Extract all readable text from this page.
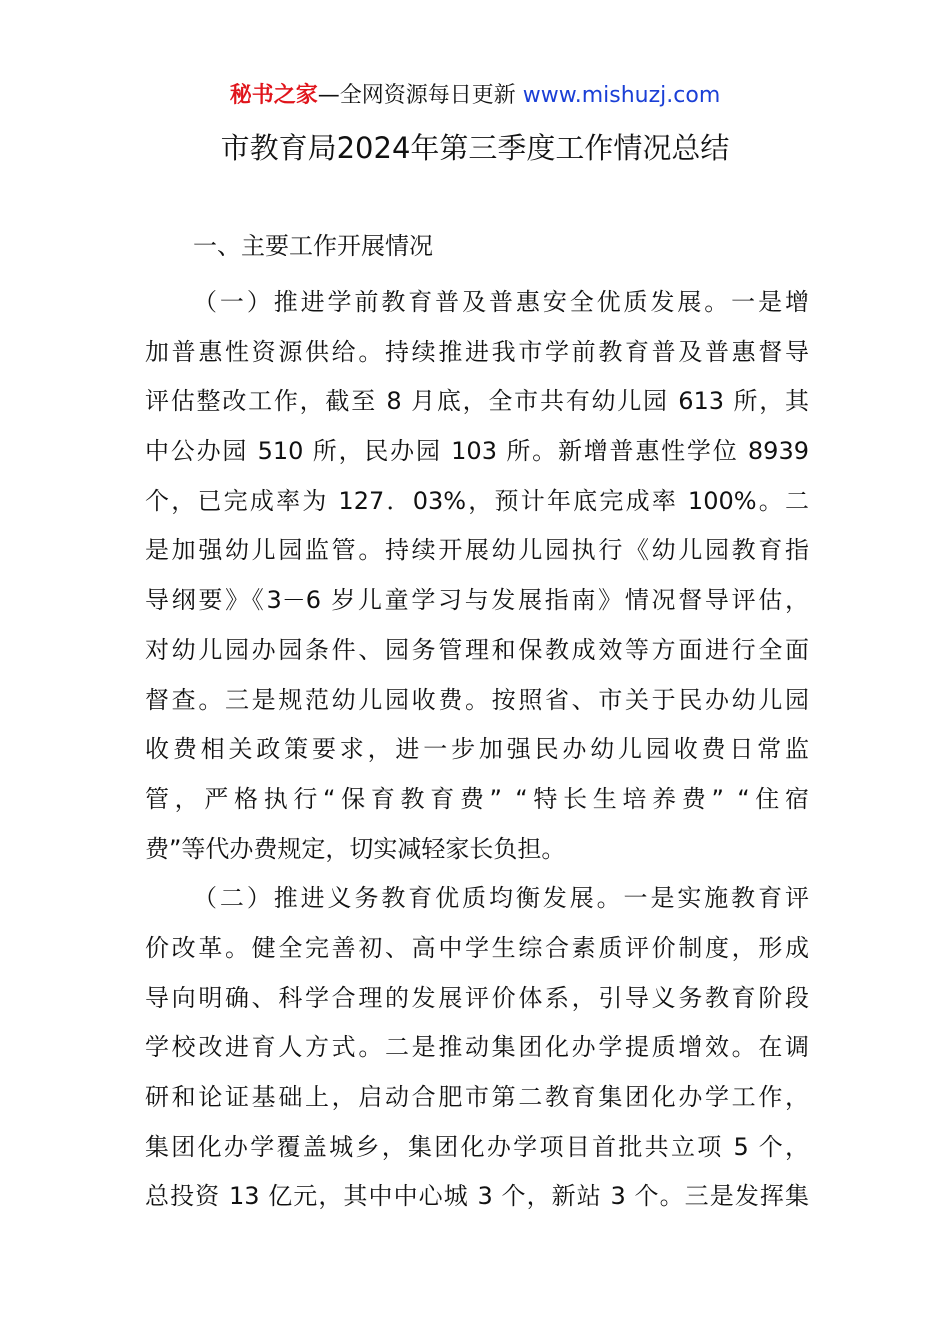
秘书之家—全网资源每日更新 www.mishuzj.com
市教育局2024年第三季度工作情况总结
一、主要工作开展情况
（一）推进学前教育普及普惠安全优质发展。一是增
加普惠性资源供给。持续推进我市学前教育普及普惠督导
评估整改工作，截至 8 月底，全市共有幼儿园 613 所，其
中公办园 510 所，民办园 103 所。新增普惠性学位 8939
个，已完成率为 127．03%，预计年底完成率 100%。二
是加强幼儿园监管。持续开展幼儿园执行《幼儿园教育指
导纲要》《3－6 岁儿童学习与发展指南》情况督导评估，
对幼儿园办园条件、园务管理和保教成效等方面进行全面
督查。三是规范幼儿园收费。按照省、市关于民办幼儿园
收费相关政策要求，进一步加强民办幼儿园收费日常监
管，严格执行“保育教育费” “特长生培养费” “住宿
费”等代办费规定，切实减轻家长负担。
（二）推进义务教育优质均衡发展。一是实施教育评
价改革。健全完善初、高中学生综合素质评价制度，形成
导向明确、科学合理的发展评价体系，引导义务教育阶段
学校改进育人方式。二是推动集团化办学提质增效。在调
研和论证基础上，启动合肥市第二教育集团化办学工作，
集团化办学覆盖城乡，集团化办学项目首批共立项 5 个，
总投资 13 亿元，其中中心城 3 个，新站 3 个。三是发挥集
